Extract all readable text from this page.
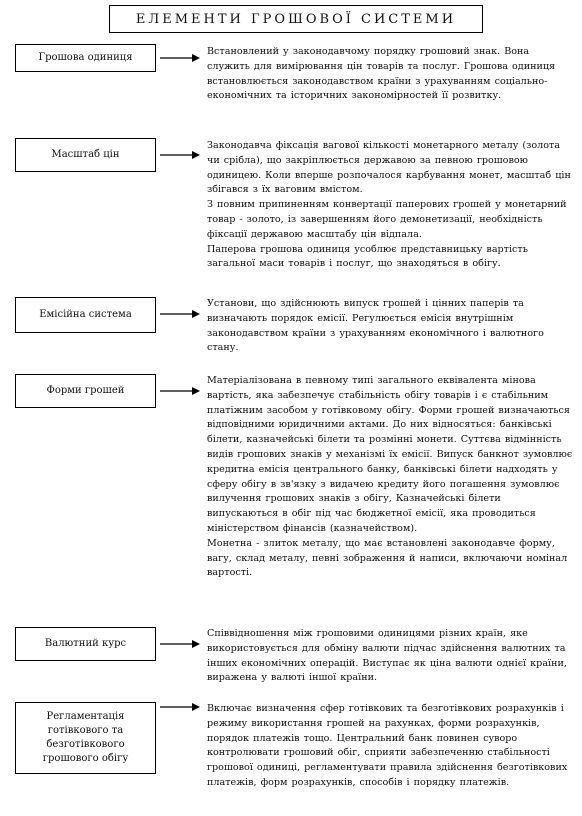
ЕЛЕМЕНТИ ГРОШОВОЇ СИСТЕМИ
Грошова одиниця

Встановлений у законодавчому порядку грошовий знак. Вона служить для вимірювання цін товарів та послуг. Грошова одиниця встановлюється законодавством країни з урахуванням соціально-економічних та історичних закономірностей її розвитку.

Масштаб цін

Законодавча фіксація вагової кількості монетарного металу (золота чи срібла), що закріплюється державою за певною грошовою одиницею. Коли вперше розпочалося карбування монет, масштаб цін збігався з їх ваговим вмістом.

З повним припиненням конвертації паперових грошей у монетарний товар - золото, із завершенням його демонетизації, необхідність фіксації державою масштабу цін відпала.

Паперова грошова одиниця усоблює представницьку вартість загальної маси товарів і послуг, що знаходяться в обігу.

Емісійна система

Установи, що здійснюють випуск грошей і цінних паперів та визначають порядок емісії. Регулюється емісія внутрішнім законодавством країни з урахуванням економічного і валютного стану.

Форми грошей

Матеріалізована в певному типі загального еквівалента мінова вартість, яка забезпечує стабільність обігу товарів і є стабільним платіжним засобом у готівковому обігу. Форми грошей визначаються відповідними юридичними актами. До них відносяться: банківські білети, казначейські білети та розмінні монети. Суттєва відмінність видів грошових знаків у механізмі їх емісії. Випуск банкнот зумовлює кредитна емісія центрального банку, банківські білети надходять у сферу обігу в зв'язку з видачею кредиту його погашення зумовлює вилучення грошових знаків з обігу, Казначейські білети випускаються в обіг під час бюджетної емісії, яка проводиться міністерством фінансів (казначейством).

Монетна - злиток металу, що має встановлені законодавче форму, вагу, склад металу, певні зображення й написи, включаючи номінал вартості.

Валютний курс

Співвідношення між грошовими одиницями різних країн, яке використовується для обміну валюти підчас здійснення валютних та інших економічних операцій. Виступає як ціна валюти однієї країни, виражена у валюті іншої країни.

Регламентація готівкового та безготівкового грошового обігу

Включає визначення сфер готівкових та безготівкових розрахунків і режиму використання грошей на рахунках, форми розрахунків, порядок платежів тощо. Центральний банк повинен суворо контролювати грошовий обіг, сприяти забезпеченню стабільності грошової одиниці, регламентувати правила здійснення безготівкових платежів, форм розрахунків, способів і порядку платежів.
